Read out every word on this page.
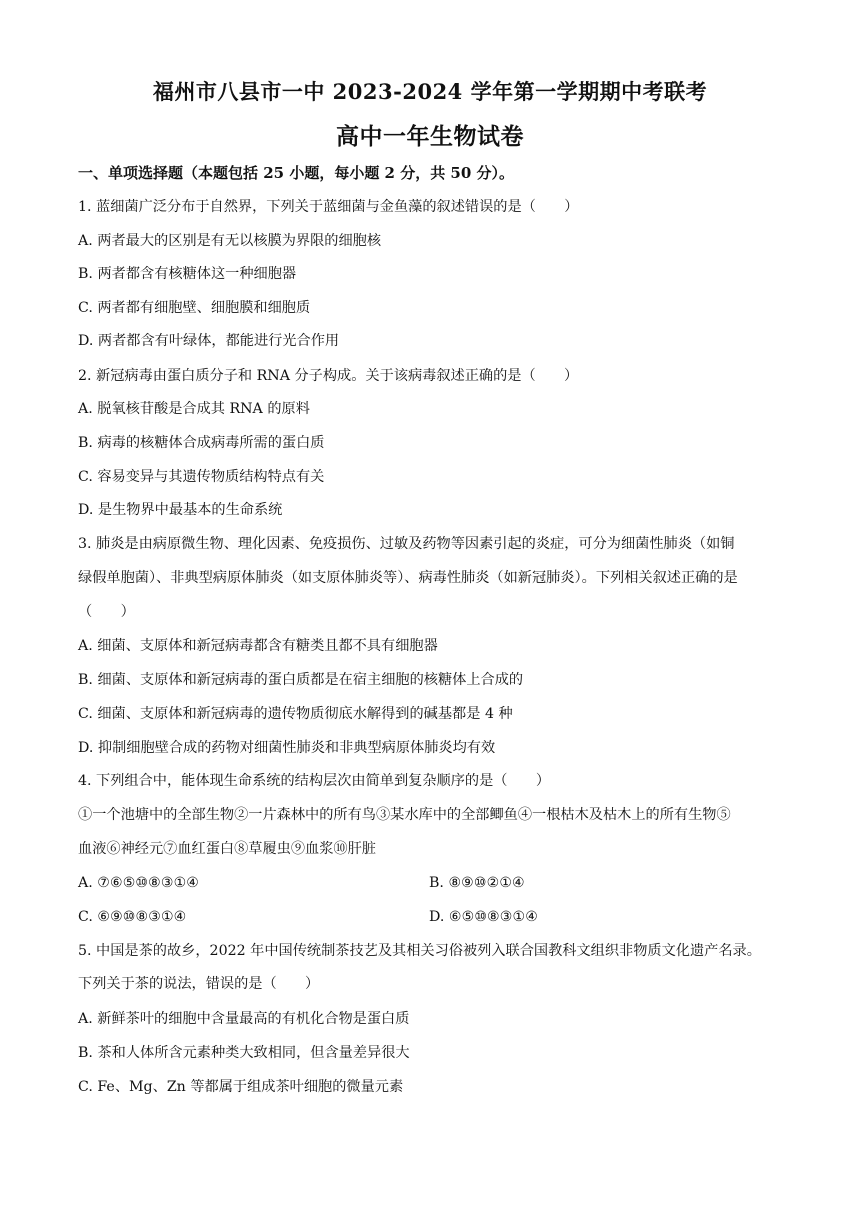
福州市八县市一中 2023-2024 学年第一学期期中考联考
高中一年生物试卷
一、单项选择题（本题包括 25 小题，每小题 2 分，共 50 分）。
1. 蓝细菌广泛分布于自然界，下列关于蓝细菌与金鱼藻的叙述错误的是（　　）
A. 两者最大的区别是有无以核膜为界限的细胞核
B. 两者都含有核糖体这一种细胞器
C. 两者都有细胞壁、细胞膜和细胞质
D. 两者都含有叶绿体，都能进行光合作用
2. 新冠病毒由蛋白质分子和 RNA 分子构成。关于该病毒叙述正确的是（　　）
A. 脱氧核苷酸是合成其 RNA 的原料
B. 病毒的核糖体合成病毒所需的蛋白质
C. 容易变异与其遗传物质结构特点有关
D. 是生物界中最基本的生命系统
3. 肺炎是由病原微生物、理化因素、免疫损伤、过敏及药物等因素引起的炎症，可分为细菌性肺炎（如铜
绿假单胞菌）、非典型病原体肺炎（如支原体肺炎等）、病毒性肺炎（如新冠肺炎）。下列相关叙述正确的是
（　　）
A. 细菌、支原体和新冠病毒都含有糖类且都不具有细胞器
B. 细菌、支原体和新冠病毒的蛋白质都是在宿主细胞的核糖体上合成的
C. 细菌、支原体和新冠病毒的遗传物质彻底水解得到的碱基都是 4 种
D. 抑制细胞壁合成的药物对细菌性肺炎和非典型病原体肺炎均有效
4. 下列组合中，能体现生命系统的结构层次由简单到复杂顺序的是（　　）
①一个池塘中的全部生物②一片森林中的所有鸟③某水库中的全部鲫鱼④一根枯木及枯木上的所有生物⑤
血液⑥神经元⑦血红蛋白⑧草履虫⑨血浆⑩肝脏
A. ⑦⑥⑤⑩⑧③①④	B. ⑧⑨⑩②①④
C. ⑥⑨⑩⑧③①④	D. ⑥⑤⑩⑧③①④
5. 中国是茶的故乡，2022 年中国传统制茶技艺及其相关习俗被列入联合国教科文组织非物质文化遗产名录。
下列关于茶的说法，错误的是（　　）
A. 新鲜茶叶的细胞中含量最高的有机化合物是蛋白质
B. 茶和人体所含元素种类大致相同，但含量差异很大
C. Fe、Mg、Zn 等都属于组成茶叶细胞的微量元素
